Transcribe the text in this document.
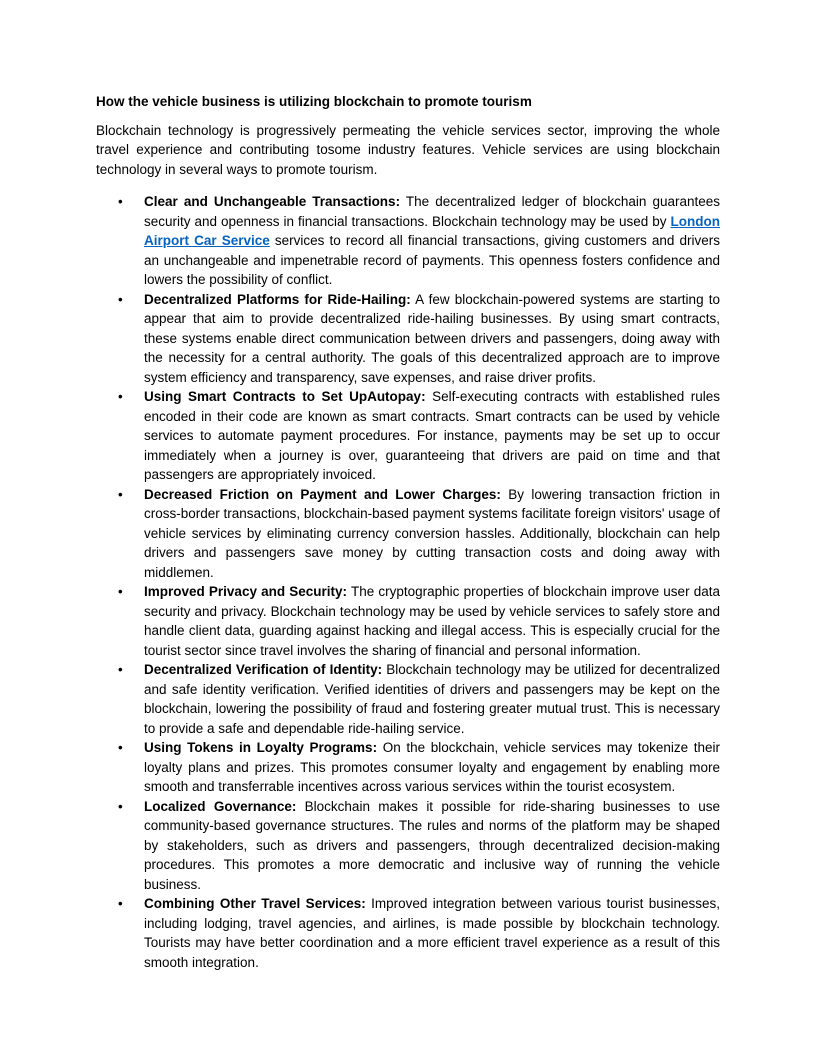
How the vehicle business is utilizing blockchain to promote tourism

Blockchain technology is progressively permeating the vehicle services sector, improving the whole travel experience and contributing tosome industry features. Vehicle services are using blockchain technology in several ways to promote tourism.

• Clear and Unchangeable Transactions: The decentralized ledger of blockchain guarantees security and openness in financial transactions. Blockchain technology may be used by London Airport Car Service services to record all financial transactions, giving customers and drivers an unchangeable and impenetrable record of payments. This openness fosters confidence and lowers the possibility of conflict.
• Decentralized Platforms for Ride-Hailing: A few blockchain-powered systems are starting to appear that aim to provide decentralized ride-hailing businesses. By using smart contracts, these systems enable direct communication between drivers and passengers, doing away with the necessity for a central authority. The goals of this decentralized approach are to improve system efficiency and transparency, save expenses, and raise driver profits.
• Using Smart Contracts to Set UpAutopay: Self-executing contracts with established rules encoded in their code are known as smart contracts. Smart contracts can be used by vehicle services to automate payment procedures. For instance, payments may be set up to occur immediately when a journey is over, guaranteeing that drivers are paid on time and that passengers are appropriately invoiced.
• Decreased Friction on Payment and Lower Charges: By lowering transaction friction in cross-border transactions, blockchain-based payment systems facilitate foreign visitors' usage of vehicle services by eliminating currency conversion hassles. Additionally, blockchain can help drivers and passengers save money by cutting transaction costs and doing away with middlemen.
• Improved Privacy and Security: The cryptographic properties of blockchain improve user data security and privacy. Blockchain technology may be used by vehicle services to safely store and handle client data, guarding against hacking and illegal access. This is especially crucial for the tourist sector since travel involves the sharing of financial and personal information.
• Decentralized Verification of Identity: Blockchain technology may be utilized for decentralized and safe identity verification. Verified identities of drivers and passengers may be kept on the blockchain, lowering the possibility of fraud and fostering greater mutual trust. This is necessary to provide a safe and dependable ride-hailing service.
• Using Tokens in Loyalty Programs: On the blockchain, vehicle services may tokenize their loyalty plans and prizes. This promotes consumer loyalty and engagement by enabling more smooth and transferrable incentives across various services within the tourist ecosystem.
• Localized Governance: Blockchain makes it possible for ride-sharing businesses to use community-based governance structures. The rules and norms of the platform may be shaped by stakeholders, such as drivers and passengers, through decentralized decision-making procedures. This promotes a more democratic and inclusive way of running the vehicle business.
• Combining Other Travel Services: Improved integration between various tourist businesses, including lodging, travel agencies, and airlines, is made possible by blockchain technology. Tourists may have better coordination and a more efficient travel experience as a result of this smooth integration.
